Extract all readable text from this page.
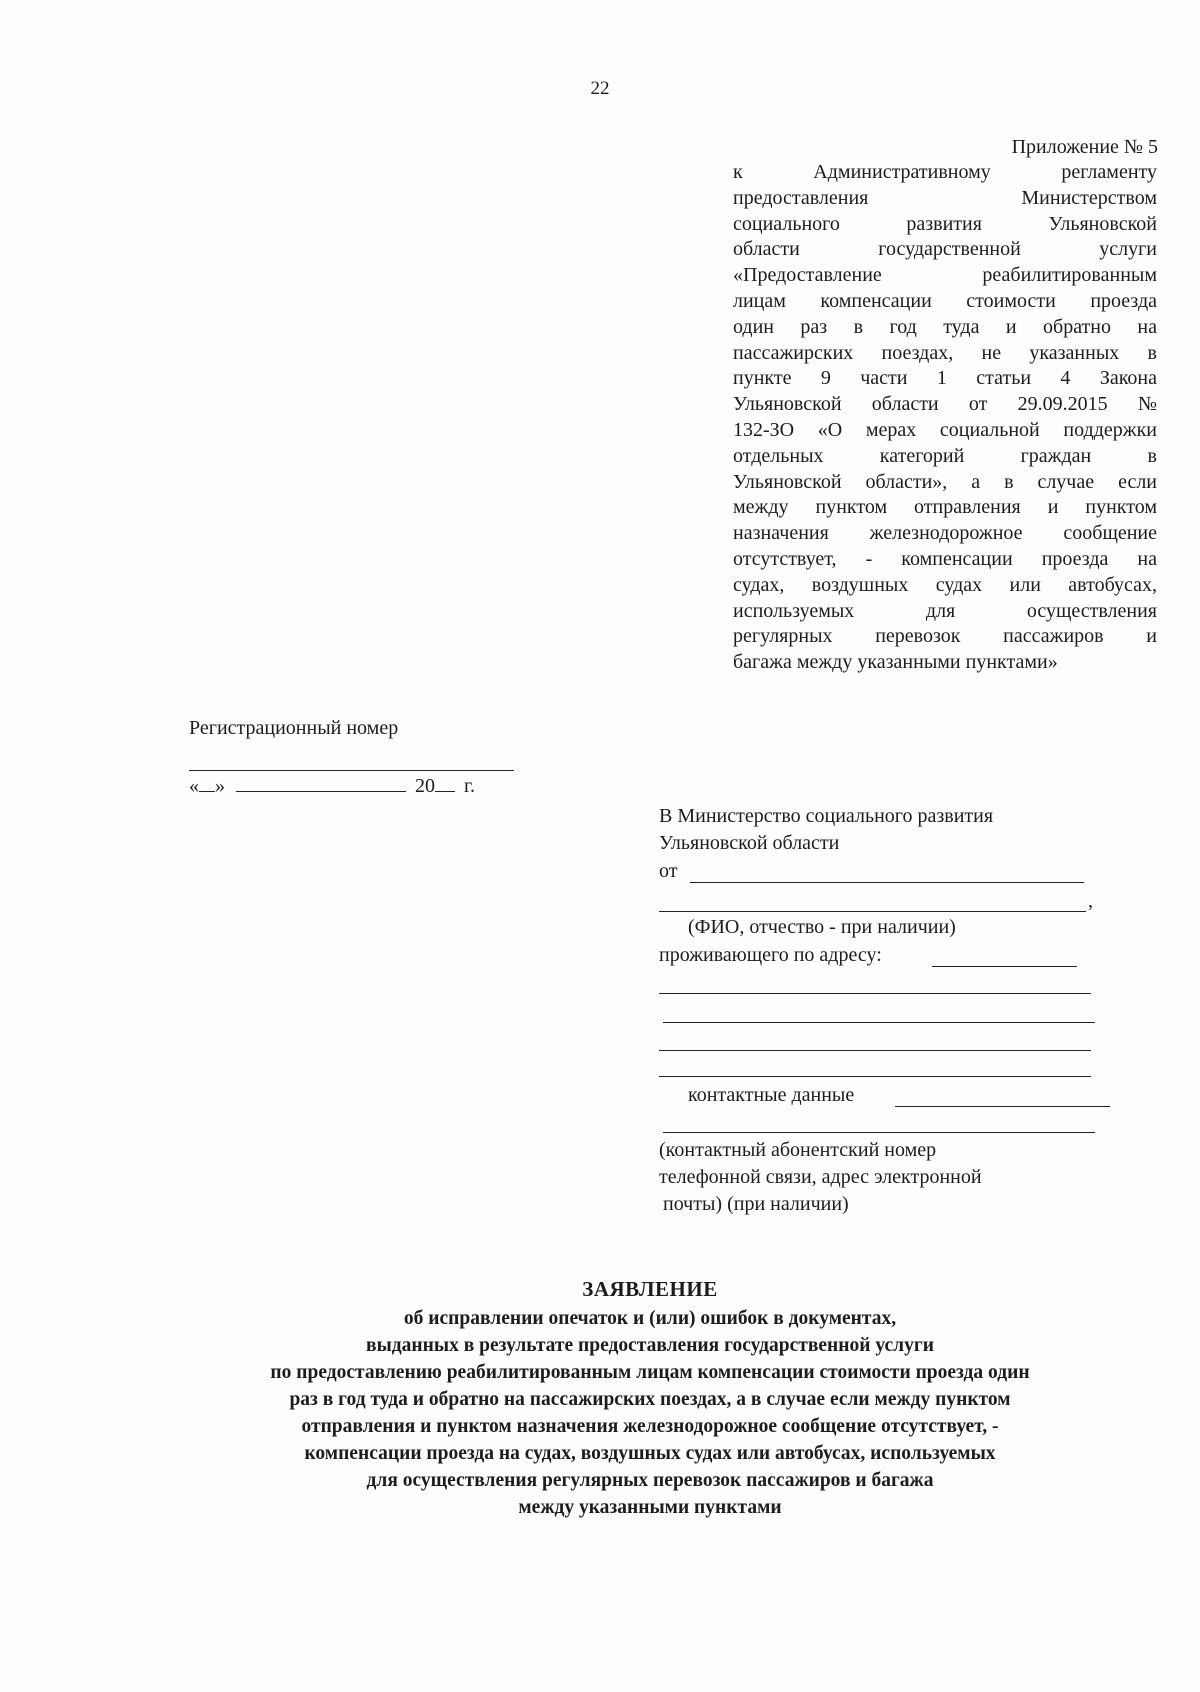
22
Приложение № 5
к Административному регламенту
предоставления Министерством
социального развития Ульяновской
области государственной услуги
«Предоставление реабилитированным
лицам компенсации стоимости проезда
один раз в год туда и обратно на
пассажирских поездах, не указанных в
пункте 9 части 1 статьи 4 Закона
Ульяновской области от 29.09.2015 №
132-ЗО «О мерах социальной поддержки
отдельных категорий граждан в
Ульяновской области», а в случае если
между пунктом отправления и пунктом
назначения железнодорожное сообщение
отсутствует, - компенсации проезда на
судах, воздушных судах или автобусах,
используемых для осуществления
регулярных перевозок пассажиров и
багажа между указанными пунктами»
Регистрационный номер
« »	20 г.
В Министерство социального развития
Ульяновской области
от
,
(ФИО, отчество - при наличии)
проживающего по адресу:
контактные данные
(контактный абонентский номер
телефонной связи, адрес электронной
почты) (при наличии)
ЗАЯВЛЕНИЕ
об исправлении опечаток и (или) ошибок в документах,
выданных в результате предоставления государственной услуги
по предоставлению реабилитированным лицам компенсации стоимости проезда один
раз в год туда и обратно на пассажирских поездах, а в случае если между пунктом
отправления и пунктом назначения железнодорожное сообщение отсутствует, -
компенсации проезда на судах, воздушных судах или автобусах, используемых
для осуществления регулярных перевозок пассажиров и багажа
между указанными пунктами
